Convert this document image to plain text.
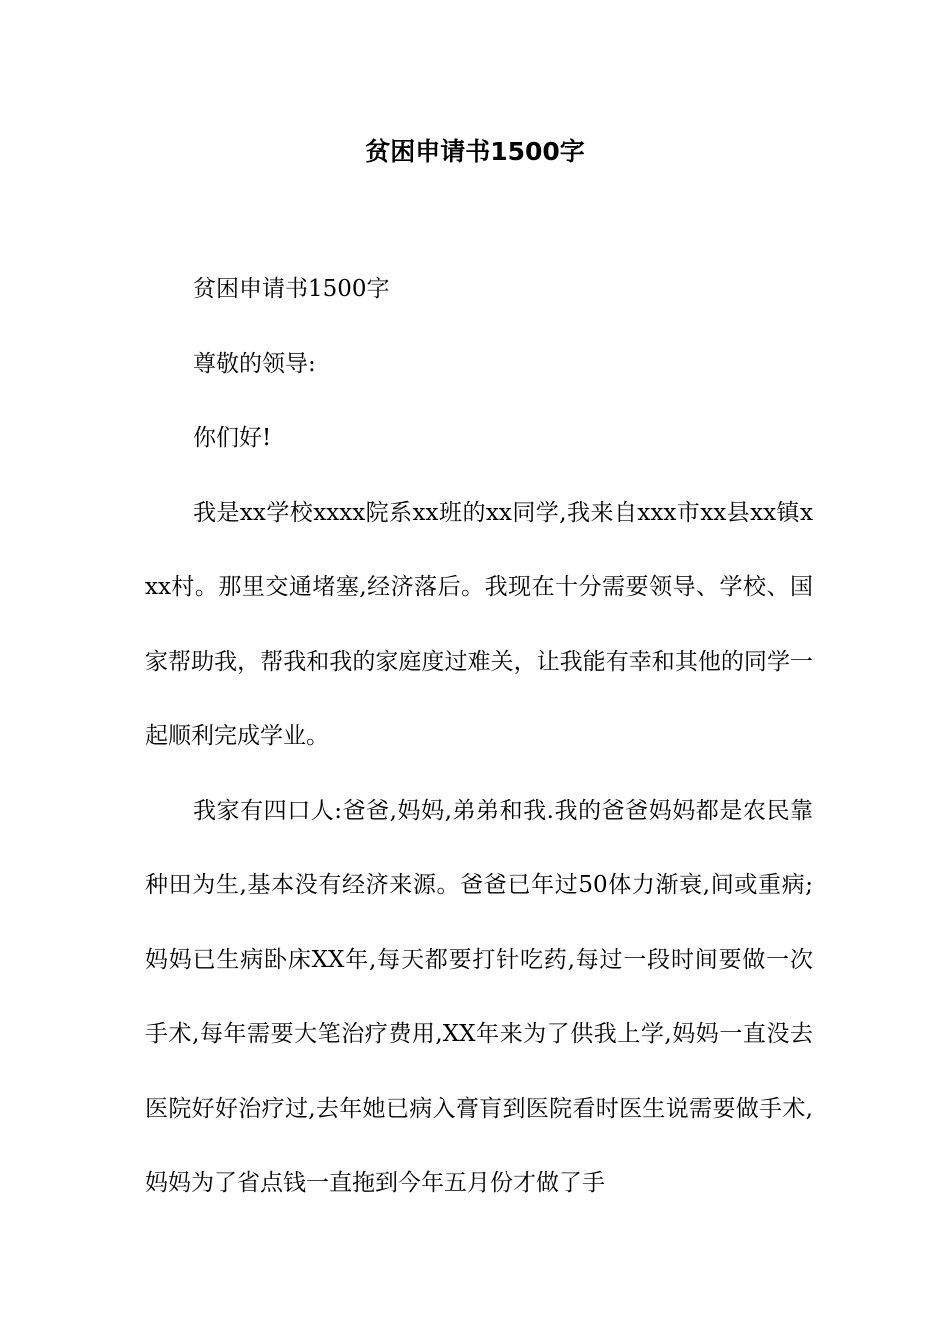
贫困申请书1500字

贫困申请书1500字

尊敬的领导:

你们好!

我是xx学校xxxx院系xx班的xx同学,我来自xxx市xx县xx镇xxx村。那里交通堵塞,经济落后。我现在十分需要领导、学校、国家帮助我，帮我和我的家庭度过难关，让我能有幸和其他的同学一起顺利完成学业。

我家有四口人:爸爸,妈妈,弟弟和我.我的爸爸妈妈都是农民靠种田为生,基本没有经济来源。爸爸已年过50体力渐衰,间或重病;妈妈已生病卧床XX年,每天都要打针吃药,每过一段时间要做一次手术,每年需要大笔治疗费用,XX年来为了供我上学,妈妈一直没去医院好好治疗过,去年她已病入膏肓到医院看时医生说需要做手术,妈妈为了省点钱一直拖到今年五月份才做了手
